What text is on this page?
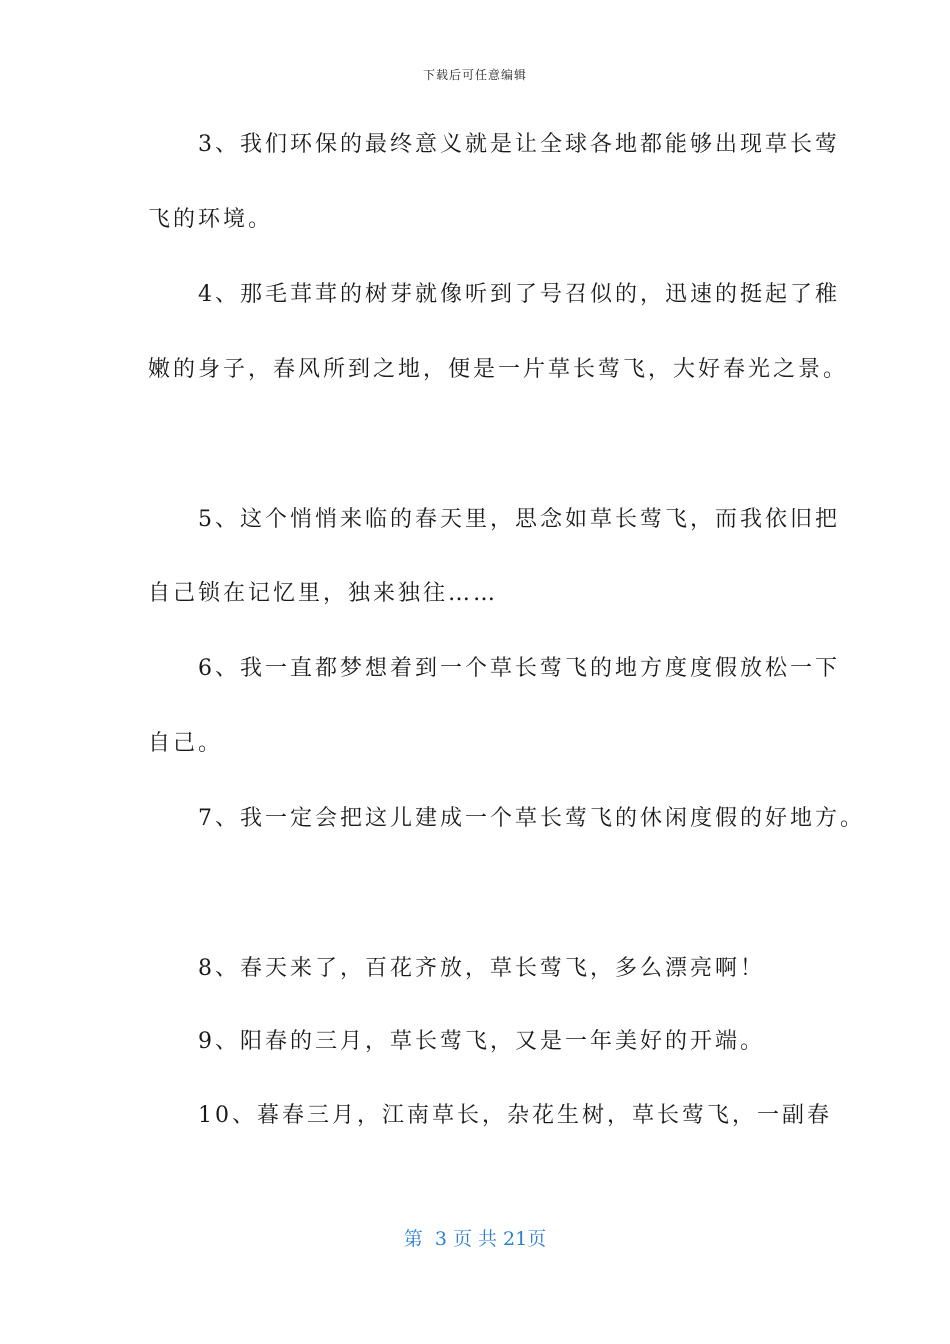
下载后可任意编辑
　　3、我们环保的最终意义就是让全球各地都能够出现草长莺
飞的环境。
　　4、那毛茸茸的树芽就像听到了号召似的，迅速的挺起了稚
嫩的身子，春风所到之地，便是一片草长莺飞，大好春光之景。
　　5、这个悄悄来临的春天里，思念如草长莺飞，而我依旧把
自己锁在记忆里，独来独往……
　　6、我一直都梦想着到一个草长莺飞的地方度度假放松一下
自己。
　　7、我一定会把这儿建成一个草长莺飞的休闲度假的好地方。
　　8、春天来了，百花齐放，草长莺飞，多么漂亮啊！
　　9、阳春的三月，草长莺飞，又是一年美好的开端。
　　10、暮春三月，江南草长，杂花生树，草长莺飞，一副春
第  3 页 共 21页
